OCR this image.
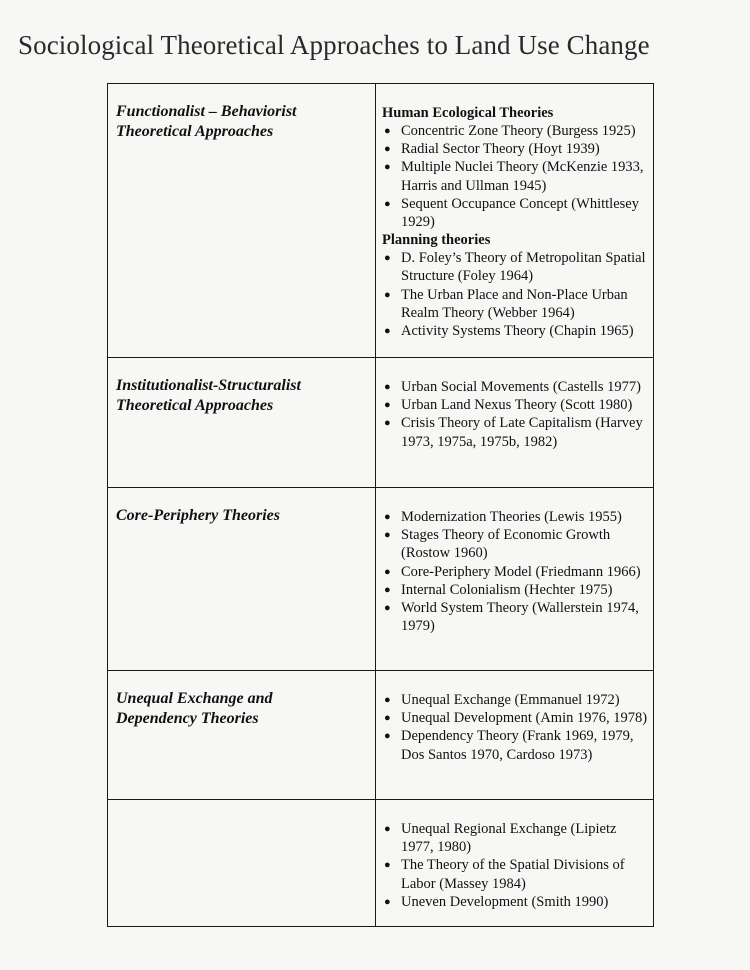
Sociological Theoretical Approaches to Land Use Change
Functionalist – Behaviorist
Theoretical Approaches
Human Ecological Theories
● Concentric Zone Theory (Burgess 1925)
● Radial Sector Theory (Hoyt 1939)
● Multiple Nuclei Theory (McKenzie 1933, Harris and Ullman 1945)
● Sequent Occupance Concept (Whittlesey 1929)
Planning theories
● D. Foley’s Theory of Metropolitan Spatial Structure (Foley 1964)
● The Urban Place and Non-Place Urban Realm Theory (Webber 1964)
● Activity Systems Theory (Chapin 1965)
Institutionalist-Structuralist
Theoretical Approaches
● Urban Social Movements (Castells 1977)
● Urban Land Nexus Theory (Scott 1980)
● Crisis Theory of Late Capitalism (Harvey 1973, 1975a, 1975b, 1982)
Core-Periphery Theories	● Modernization Theories (Lewis 1955)
● Stages Theory of Economic Growth (Rostow 1960)
● Core-Periphery Model (Friedmann 1966)
● Internal Colonialism (Hechter 1975)
● World System Theory (Wallerstein 1974, 1979)
Unequal Exchange and
Dependency Theories
● Unequal Exchange (Emmanuel 1972)
● Unequal Development (Amin 1976, 1978)
● Dependency Theory (Frank 1969, 1979, Dos Santos 1970, Cardoso 1973)
● Unequal Regional Exchange (Lipietz 1977, 1980)
● The Theory of the Spatial Divisions of Labor (Massey 1984)
● Uneven Development (Smith 1990)
